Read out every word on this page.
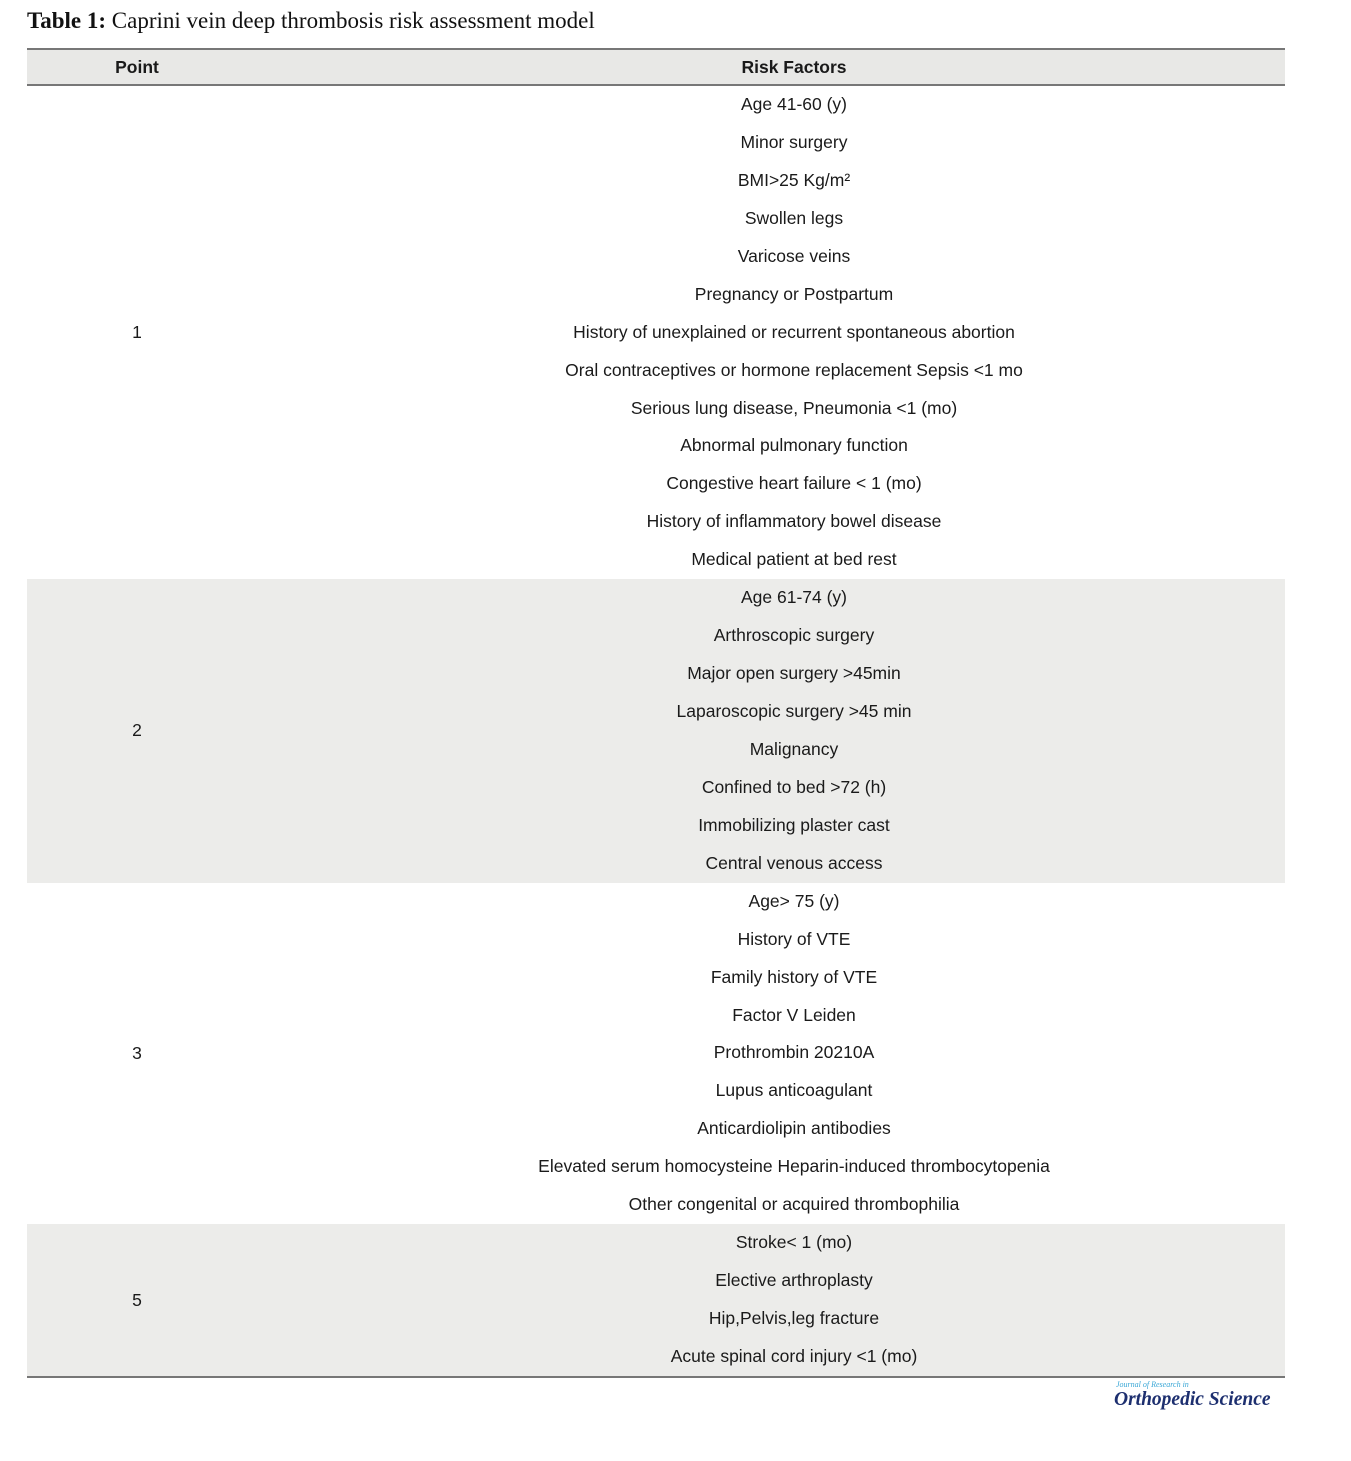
Table 1: Caprini vein deep thrombosis risk assessment model
Point	Risk Factors
1
Age 41-60 (y)
Minor surgery
BMI>25 Kg/m²
Swollen legs
Varicose veins
Pregnancy or Postpartum
History of unexplained or recurrent spontaneous abortion
Oral contraceptives or hormone replacement Sepsis <1 mo
Serious lung disease, Pneumonia <1 (mo)
Abnormal pulmonary function
Congestive heart failure < 1 (mo)
History of inflammatory bowel disease
Medical patient at bed rest
2
Age 61-74 (y)
Arthroscopic surgery
Major open surgery >45min
Laparoscopic surgery >45 min
Malignancy
Confined to bed >72 (h)
Immobilizing plaster cast
Central venous access
3
Age> 75 (y)
History of VTE
Family history of VTE
Factor V Leiden
Prothrombin 20210A
Lupus anticoagulant
Anticardiolipin antibodies
Elevated serum homocysteine Heparin-induced thrombocytopenia
Other congenital or acquired thrombophilia
5
Stroke< 1 (mo)
Elective arthroplasty
Hip,Pelvis,leg fracture
Acute spinal cord injury <1 (mo)
Journal of Research in
Orthopedic Science
